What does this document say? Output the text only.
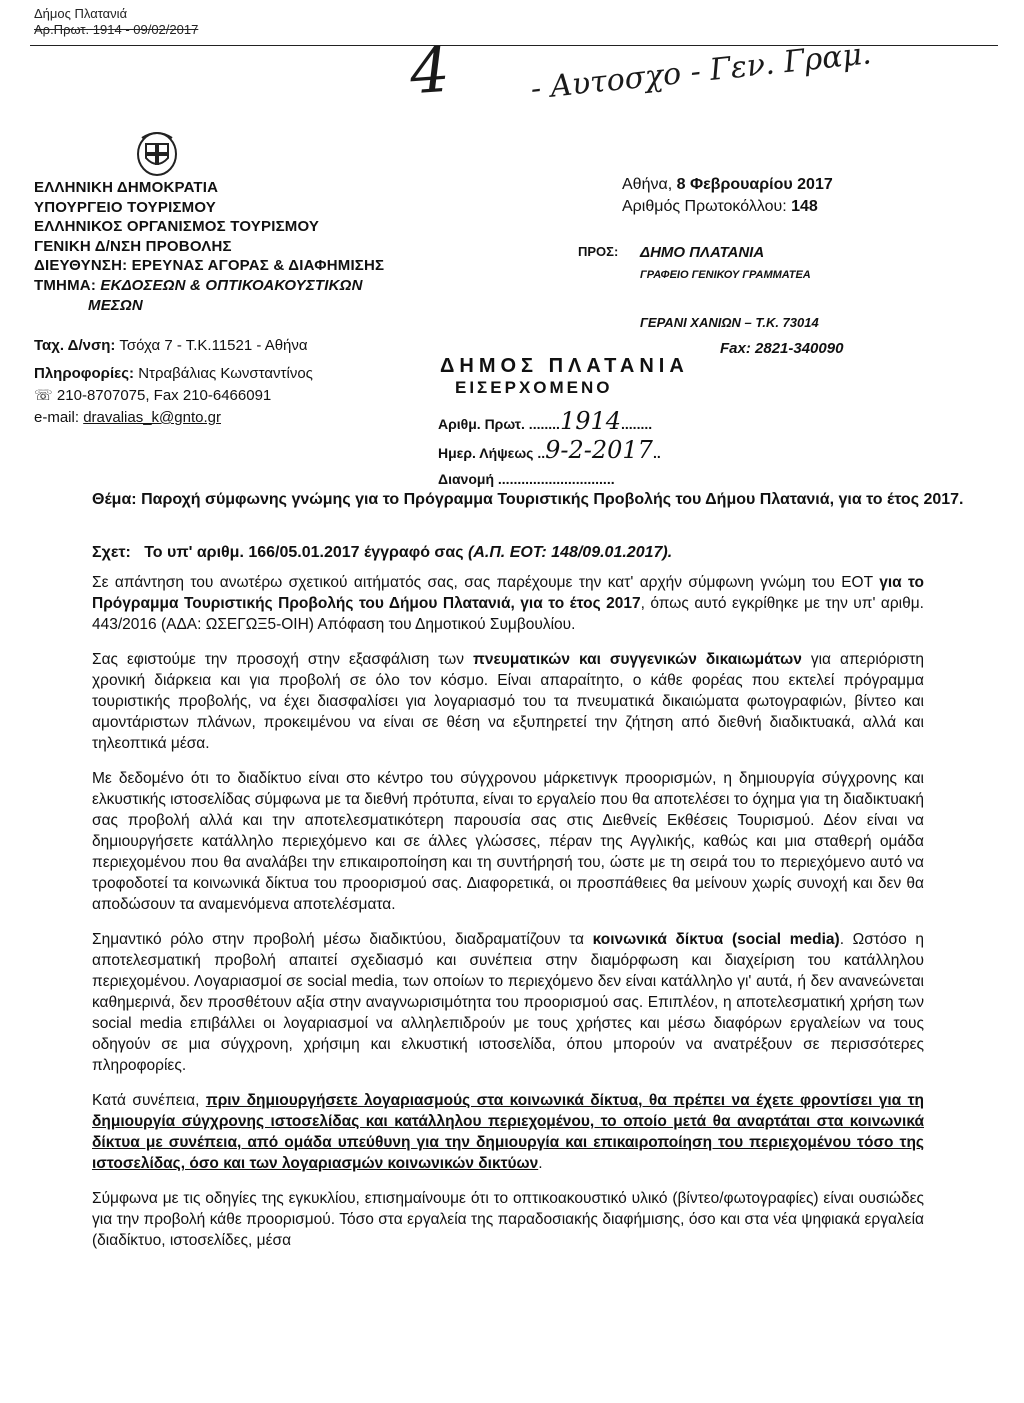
Δήμος Πλατανιά
Αρ.Πρωτ. 1914 - 09/02/2017
4	- Αυτοσχο - Γεν. Γραμ.
ΕΛΛΗΝΙΚΗ ΔΗΜΟΚΡΑΤΙΑ
ΥΠΟΥΡΓΕΙΟ ΤΟΥΡΙΣΜΟΥ
ΕΛΛΗΝΙΚΟΣ ΟΡΓΑΝΙΣΜΟΣ ΤΟΥΡΙΣΜΟΥ
ΓΕΝΙΚΗ Δ/ΝΣΗ ΠΡΟΒΟΛΗΣ
ΔΙΕΥΘΥΝΣΗ: ΕΡΕΥΝΑΣ ΑΓΟΡΑΣ & ΔΙΑΦΗΜΙΣΗΣ
ΤΜΗΜΑ: ΕΚΔΟΣΕΩΝ & ΟΠΤΙΚΟΑΚΟΥΣΤΙΚΩΝ
ΜΕΣΩΝ
Ταχ. Δ/νση: Τσόχα 7 - Τ.Κ.11521 - Αθήνα
Πληροφορίες: Ντραβάλιας Κωνσταντίνος
☏ 210-8707075, Fax 210-6466091
e-mail: dravalias_k@gnto.gr
Αθήνα, 8 Φεβρουαρίου 2017
Αριθμός Πρωτοκόλλου: 148
ΠΡΟΣ: ΔΗΜΟ ΠΛΑΤΑΝΙΑ
ΓΡΑΦΕΙΟ ΓΕΝΙΚΟΥ ΓΡΑΜΜΑΤΕΑ
ΓΕΡΑΝΙ ΧΑΝΙΩΝ – Τ.Κ. 73014
ΔΗΜΟΣ ΠΛΑΤΑΝΙΑ
ΕΙΣΕΡΧΟΜΕΝΟ
Fax: 2821-340090
Αριθμ. Πρωτ. ........1914........
Ημερ. Λήψεως ..9-2-2017..
Διανομή ..............................
Θέμα: Παροχή σύμφωνης γνώμης για το Πρόγραμμα Τουριστικής Προβολής του Δήμου Πλατανιά, για το έτος 2017.
Σχετ: Το υπ' αριθμ. 166/05.01.2017 έγγραφό σας (Α.Π. ΕΟΤ: 148/09.01.2017).

Σε απάντηση του ανωτέρω σχετικού αιτήματός σας, σας παρέχουμε την κατ' αρχήν σύμφωνη γνώμη του ΕΟΤ για το Πρόγραμμα Τουριστικής Προβολής του Δήμου Πλατανιά, για το έτος 2017, όπως αυτό εγκρίθηκε με την υπ' αριθμ. 443/2016 (ΑΔΑ: ΩΣΕΓΩΞ5-ΟΙΗ) Απόφαση του Δημοτικού Συμβουλίου.

Σας εφιστούμε την προσοχή στην εξασφάλιση των πνευματικών και συγγενικών δικαιωμάτων για απεριόριστη χρονική διάρκεια και για προβολή σε όλο τον κόσμο. Είναι απαραίτητο, ο κάθε φορέας που εκτελεί πρόγραμμα τουριστικής προβολής, να έχει διασφαλίσει για λογαριασμό του τα πνευματικά δικαιώματα φωτογραφιών, βίντεο και αμοντάριστων πλάνων, προκειμένου να είναι σε θέση να εξυπηρετεί την ζήτηση από διεθνή διαδικτυακά, αλλά και τηλεοπτικά μέσα.

Με δεδομένο ότι το διαδίκτυο είναι στο κέντρο του σύγχρονου μάρκετινγκ προορισμών, η δημιουργία σύγχρονης και ελκυστικής ιστοσελίδας σύμφωνα με τα διεθνή πρότυπα, είναι το εργαλείο που θα αποτελέσει το όχημα για τη διαδικτυακή σας προβολή αλλά και την αποτελεσματικότερη παρουσία σας στις Διεθνείς Εκθέσεις Τουρισμού. Δέον είναι να δημιουργήσετε κατάλληλο περιεχόμενο και σε άλλες γλώσσες, πέραν της Αγγλικής, καθώς και μια σταθερή ομάδα περιεχομένου που θα αναλάβει την επικαιροποίηση και τη συντήρησή του, ώστε με τη σειρά του το περιεχόμενο αυτό να τροφοδοτεί τα κοινωνικά δίκτυα του προορισμού σας. Διαφορετικά, οι προσπάθειες θα μείνουν χωρίς συνοχή και δεν θα αποδώσουν τα αναμενόμενα αποτελέσματα.

Σημαντικό ρόλο στην προβολή μέσω διαδικτύου, διαδραματίζουν τα κοινωνικά δίκτυα (social media). Ωστόσο η αποτελεσματική προβολή απαιτεί σχεδιασμό και συνέπεια στην διαμόρφωση και διαχείριση του κατάλληλου περιεχομένου. Λογαριασμοί σε social media, των οποίων το περιεχόμενο δεν είναι κατάλληλο γι' αυτά, ή δεν ανανεώνεται καθημερινά, δεν προσθέτουν αξία στην αναγνωρισιμότητα του προορισμού σας. Επιπλέον, η αποτελεσματική χρήση των social media επιβάλλει οι λογαριασμοί να αλληλεπιδρούν με τους χρήστες και μέσω διαφόρων εργαλείων να τους οδηγούν σε μια σύγχρονη, χρήσιμη και ελκυστική ιστοσελίδα, όπου μπορούν να ανατρέξουν σε περισσότερες πληροφορίες.

Κατά συνέπεια, πριν δημιουργήσετε λογαριασμούς στα κοινωνικά δίκτυα, θα πρέπει να έχετε φροντίσει για τη δημιουργία σύγχρονης ιστοσελίδας και κατάλληλου περιεχομένου, το οποίο μετά θα αναρτάται στα κοινωνικά δίκτυα με συνέπεια, από ομάδα υπεύθυνη για την δημιουργία και επικαιροποίηση του περιεχομένου τόσο της ιστοσελίδας, όσο και των λογαριασμών κοινωνικών δικτύων.

Σύμφωνα με τις οδηγίες της εγκυκλίου, επισημαίνουμε ότι το οπτικοακουστικό υλικό (βίντεο/φωτογραφίες) είναι ουσιώδες για την προβολή κάθε προορισμού. Τόσο στα εργαλεία της παραδοσιακής διαφήμισης, όσο και στα νέα ψηφιακά εργαλεία (διαδίκτυο, ιστοσελίδες, μέσα
